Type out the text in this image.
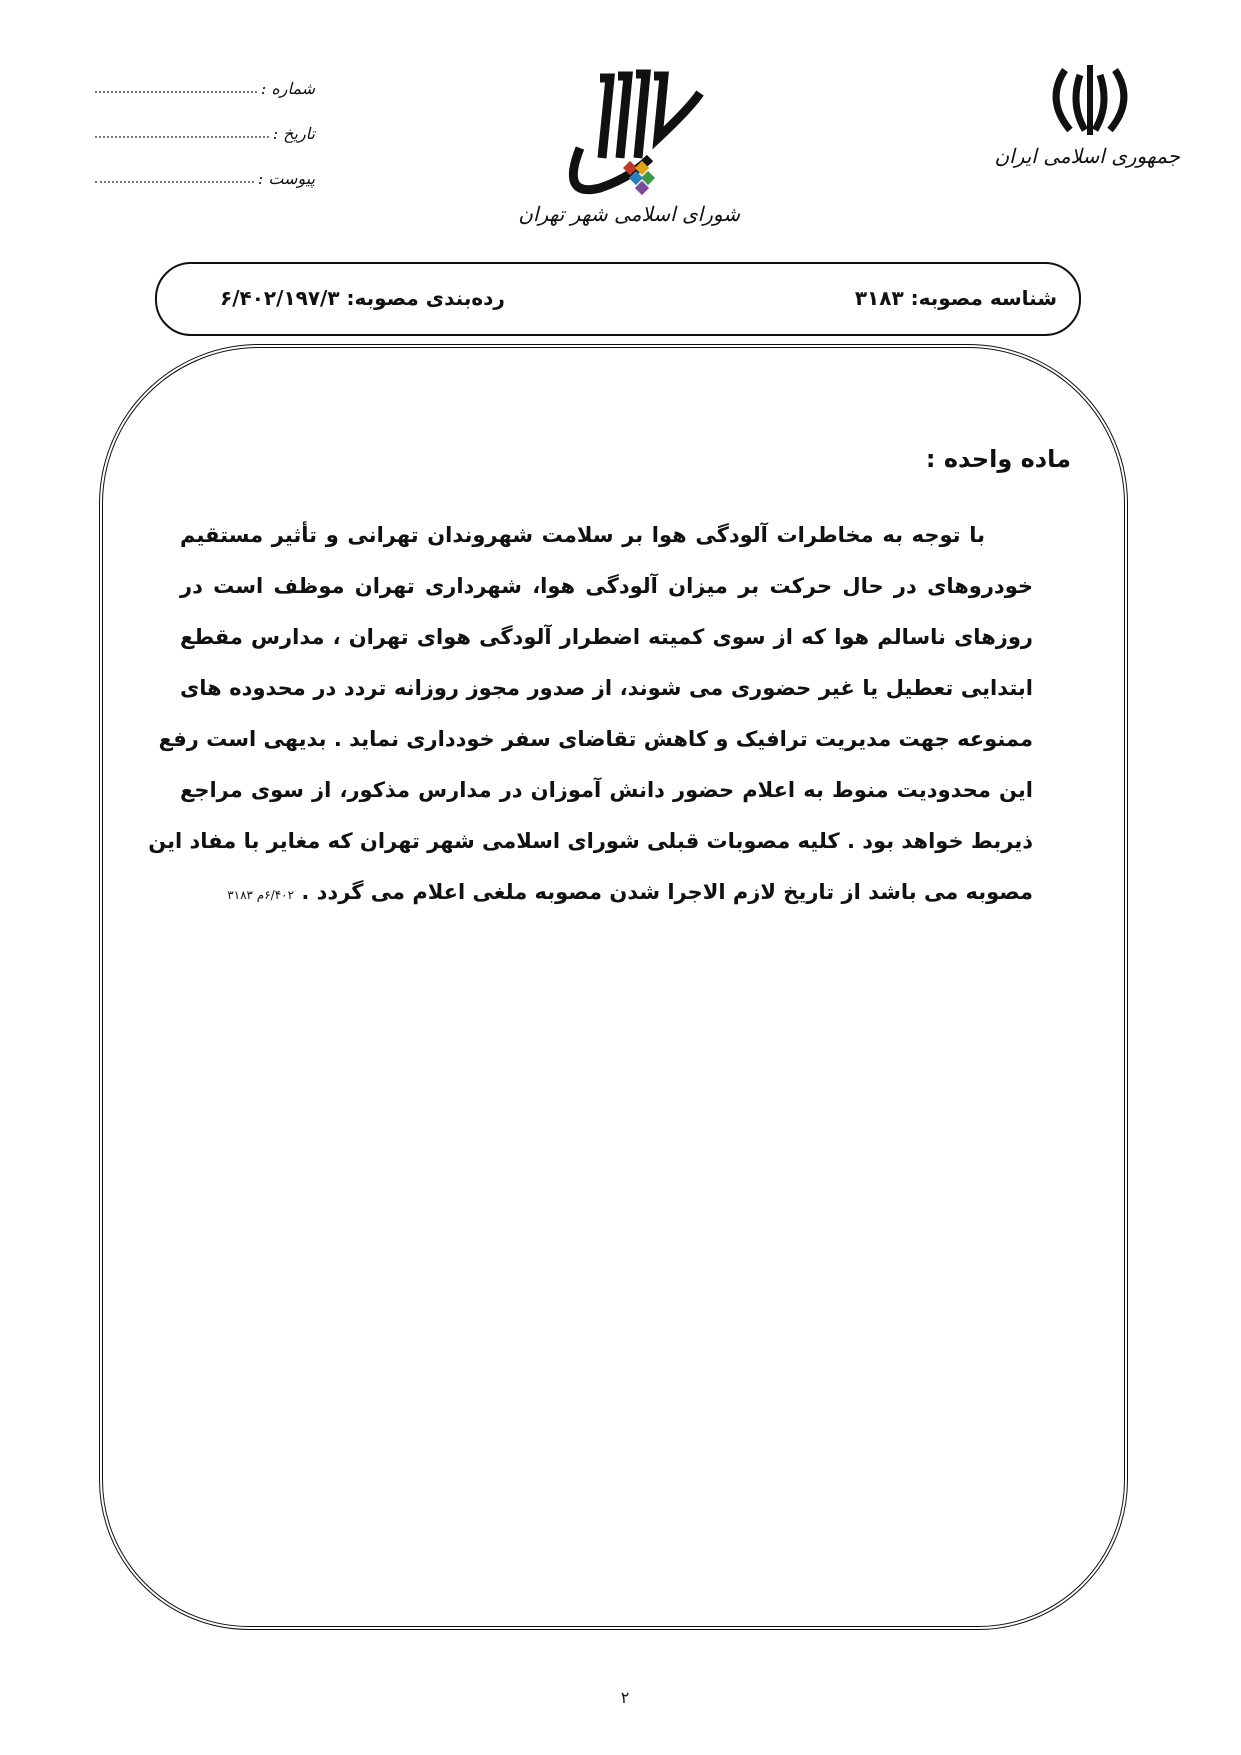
شماره :
تاریخ :
پیوست :
شورای اسلامی شهر تهران
جمهوری اسلامی ایران
شناسه مصوبه: ۳۱۸۳
رده‌بندی مصوبه: ۶/۴۰۲/۱۹۷/۳
ماده واحده :
با توجه به مخاطرات آلودگی هوا بر سلامت شهروندان تهرانی و تأثیر مستقیم
خودروهای در حال حرکت بر میزان آلودگی هوا، شهرداری تهران موظف است در
روزهای ناسالم هوا که از سوی کمیته اضطرار آلودگی هوای تهران ، مدارس مقطع
ابتدایی تعطیل یا غیر حضوری می شوند، از صدور مجوز روزانه تردد در محدوده های
ممنوعه جهت مدیریت ترافیک و کاهش تقاضای سفر خودداری نماید . بدیهی است رفع
این محدودیت منوط به اعلام حضور دانش آموزان در مدارس مذکور، از سوی مراجع
ذیربط خواهد بود . کلیه مصوبات قبلی شورای اسلامی شهر تهران که مغایر با مفاد این
مصوبه می باشد از تاریخ لازم الاجرا شدن مصوبه ملغی اعلام می گردد . ۶/۴۰۲م ۳۱۸۳
۲
